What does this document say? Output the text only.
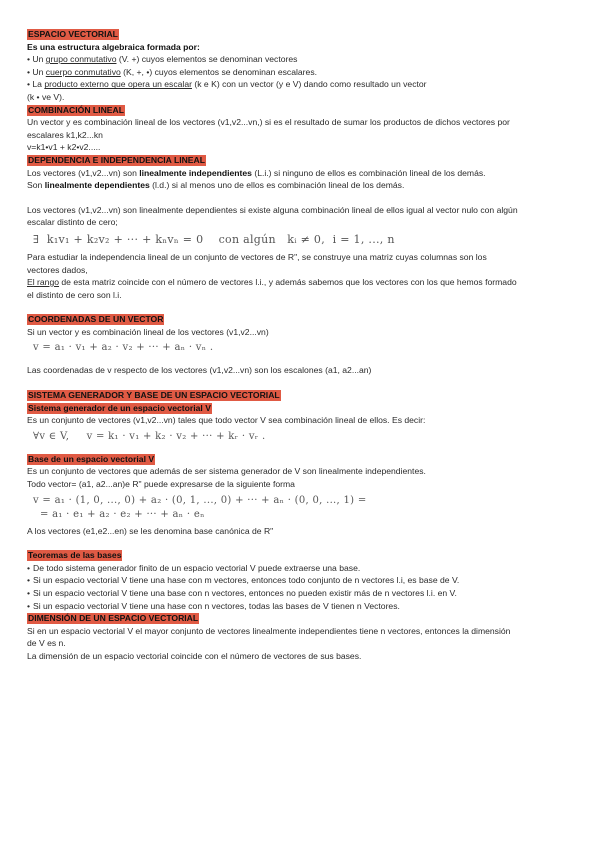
ESPACIO VECTORIAL

Es una estructura algebraica formada por:

• Un grupo conmutativo (V. +) cuyos elementos se denominan vectores

• Un cuerpo conmutativo (K, +, •) cuyos elementos se denominan escalares.

• La producto externo que opera un escalar (k e K) con un vector (y e V) dando como resultado un vector

(k • ve V).

COMBINACIÓN LINEAL

Un vector y es combinación lineal de los vectores (v1,v2...vn,) si es el resultado de sumar los productos de dichos vectores por

escalares k1,k2...kn

v=k1•v1 + k2•v2.....

DEPENDENCIA E INDEPENDENCIA LINEAL

Los vectores (v1,v2...vn) son linealmente independientes (L.i.) si ninguno de ellos es combinación lineal de los demás.

Son linealmente dependientes (l.d.) si al menos uno de ellos es combinación lineal de los demás.

Los vectores (v1,v2...vn) son linealmente dependientes si existe alguna combinación lineal de ellos igual al vector nulo con algún

escalar distinto de cero;

∃  k₁v₁ + k₂v₂ + ··· + kₙvₙ = 0    con algún   kᵢ ≠ 0,  i = 1, ..., n

Para estudiar la independencia lineal de un conjunto de vectores de R", se construye una matriz cuyas columnas son los

vectores dados,

El rango de esta matriz coincide con el número de vectores l.i., y además sabemos que los vectores con los que hemos formado

el distinto de cero son l.i.

COORDENADAS DE UN VECTOR

Si un vector y es combinación lineal de los vectores (v1,v2...vn)

v = a₁ · v₁ + a₂ · v₂ + ··· + aₙ · vₙ .

Las coordenadas de v respecto de los vectores (v1,v2...vn) son los escalones (a1, a2...an)

SISTEMA GENERADOR Y BASE DE UN ESPACIO VECTORIAL

Sistema generador de un espacio vectorial V

Es un conjunto de vectores (v1,v2...vn) tales que todo vector V sea combinación lineal de ellos. Es decir:

∀v ∈ V,     v = k₁ · v₁ + k₂ · v₂ + ··· + kᵣ · vᵣ .

Base de un espacio vectorial V

Es un conjunto de vectores que además de ser sistema generador de V son linealmente independientes.

Todo vector= (a1, a2...an)e R" puede expresarse de la siguiente forma

v = a₁ · (1, 0, ..., 0) + a₂ · (0, 1, ..., 0) + ··· + aₙ · (0, 0, ..., 1) =
= a₁ · e₁ + a₂ · e₂ + ··· + aₙ · eₙ

A los vectores (e1,e2...en) se les denomina base canónica de R"

Teoremas de las bases

• De todo sistema generador finito de un espacio vectorial V puede extraerse una base.

• Si un espacio vectorial V tiene una hase con m vectores, entonces todo conjunto de n vectores l.i, es base de V.

• Si un espacio vectorial V tiene una base con n vectores, entonces no pueden existir más de n vectores l.i. en V.

• Si un espacio vectorial V tiene una hase con n vectores, todas las bases de V tienen n Vectores.

DIMENSIÓN DE UN ESPACIO VECTORIAL

Si en un espacio vectorial V el mayor conjunto de vectores linealmente independientes tiene n vectores, entonces la dimensión

de V es n.

La dimensión de un espacio vectorial coincide con el número de vectores de sus bases.
